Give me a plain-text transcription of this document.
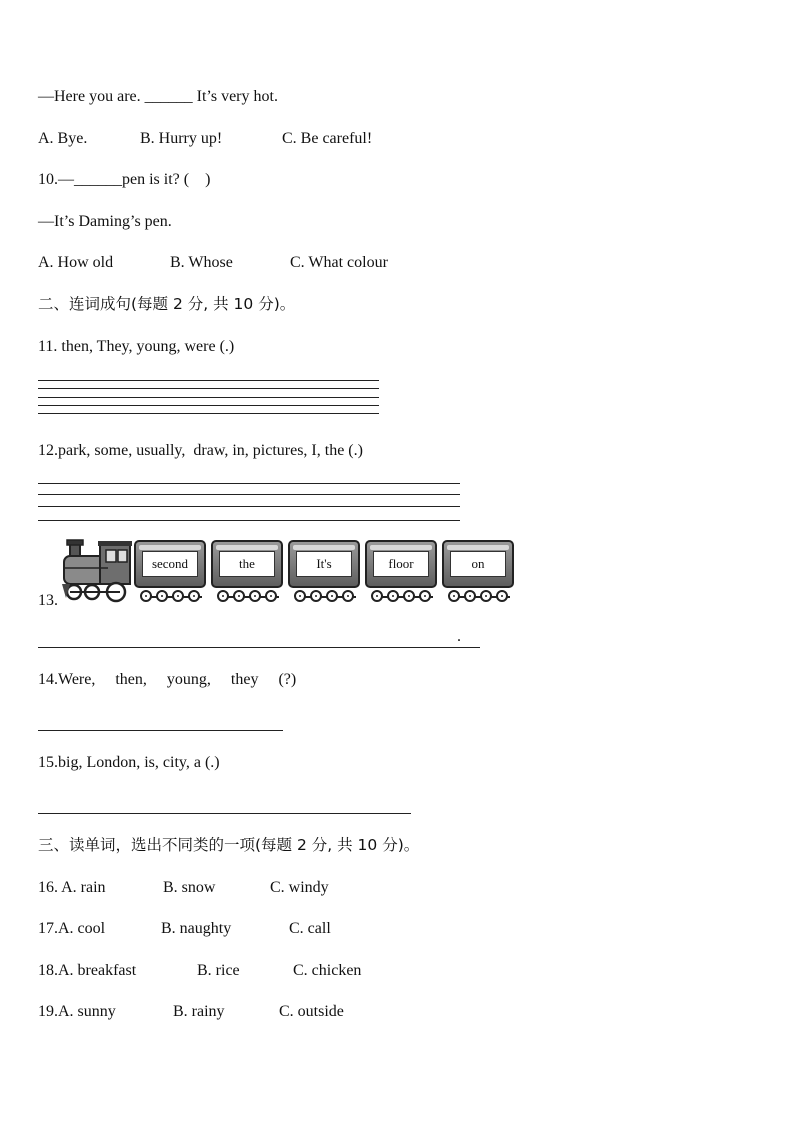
—Here you are. ______ It’s very hot.
A. Bye.	B. Hurry up!	C. Be careful!
10.—______pen is it? (    )
—It’s Daming’s pen.
A. How old	B. Whose	C. What colour
二、连词成句(每题 2 分, 共 10 分)。
11. then, They, young, were (.)
12.park, some, usually,  draw, in, pictures, I, the (.)
13.
second	the	It's	floor	on
.
14.Were,     then,     young,     they     (?)
15.big, London, is, city, a (.)
三、读单词，选出不同类的一项(每题 2 分, 共 10 分)。
16. A. rain	B. snow	C. windy
17.A. cool	B. naughty	C. call
18.A. breakfast	B. rice	C. chicken
19.A. sunny	B. rainy	C. outside
